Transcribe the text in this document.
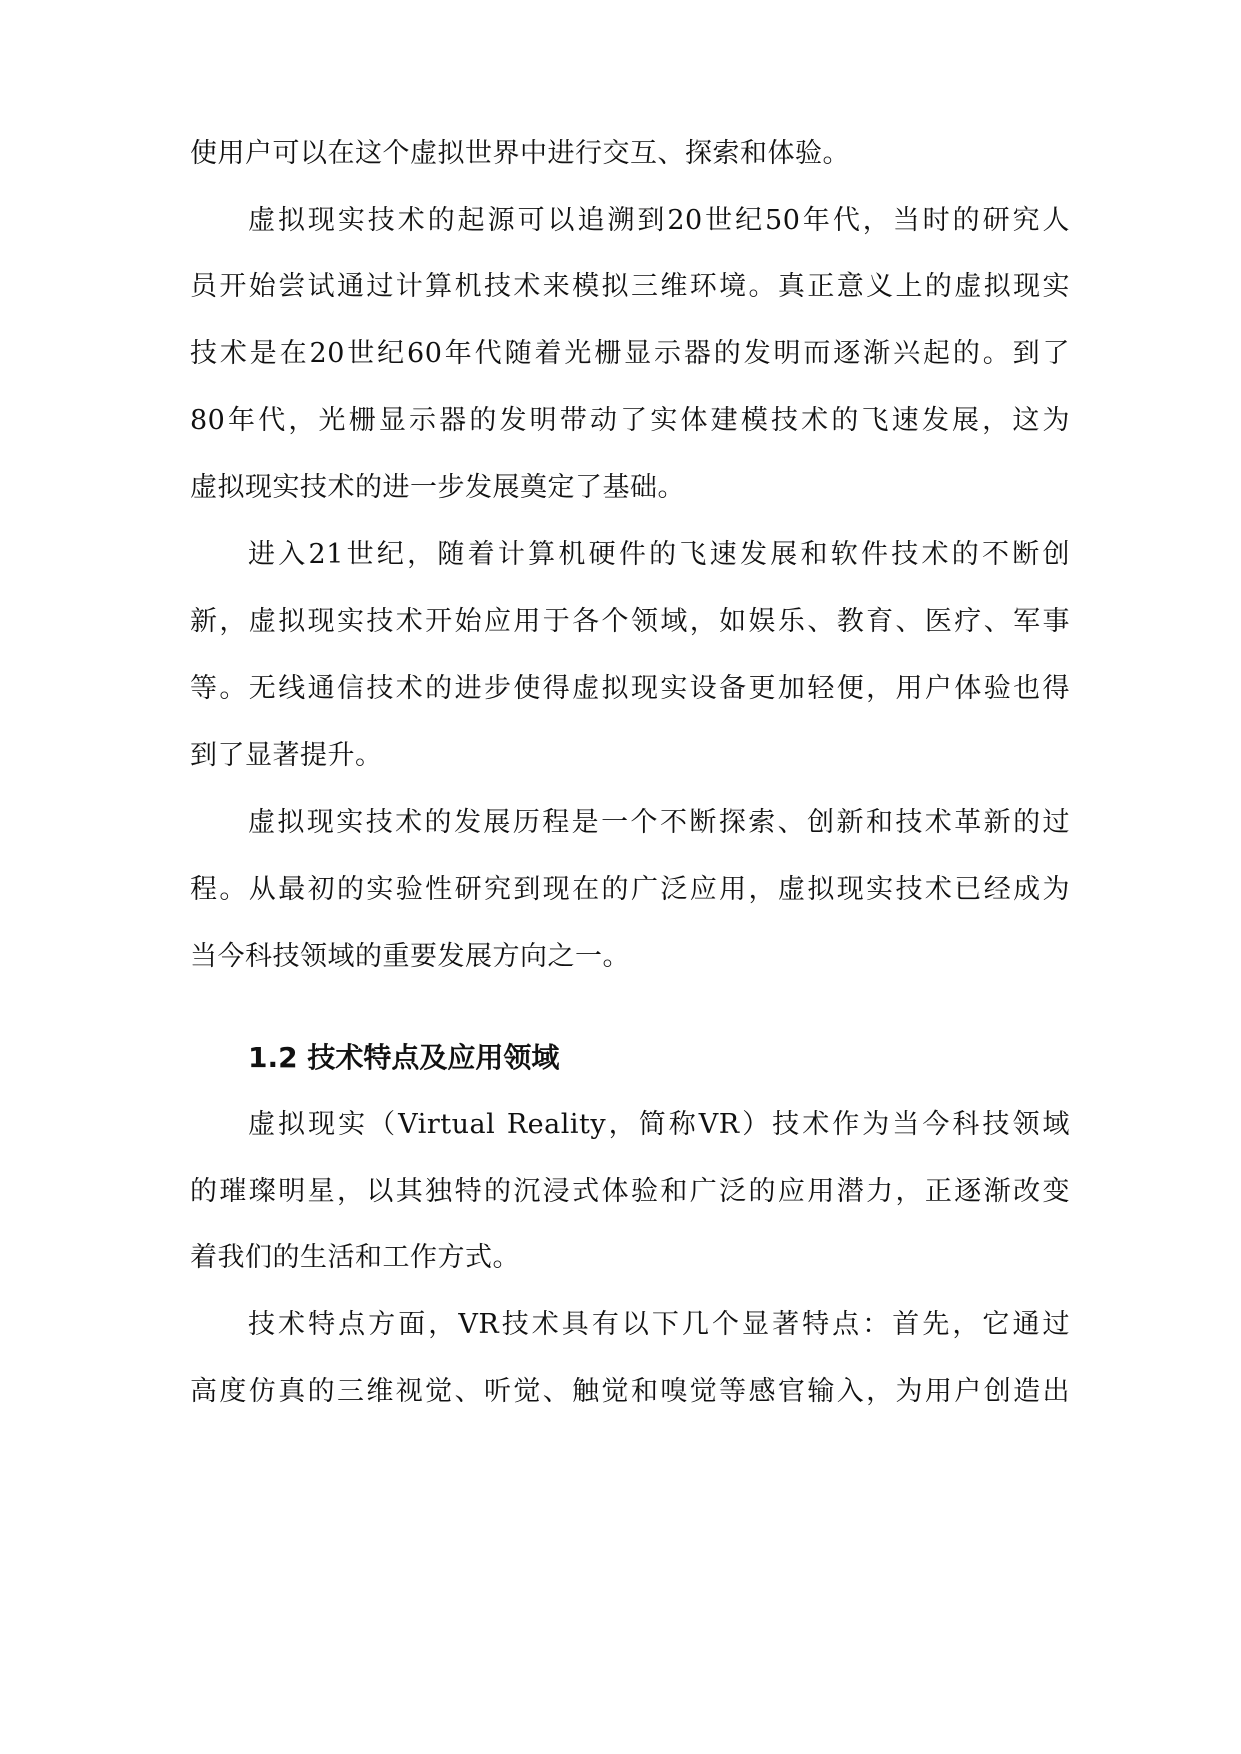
使用户可以在这个虚拟世界中进行交互、探索和体验。
虚拟现实技术的起源可以追溯到20世纪50年代，当时的研究人
员开始尝试通过计算机技术来模拟三维环境。真正意义上的虚拟现实
技术是在20世纪60年代随着光栅显示器的发明而逐渐兴起的。到了
80年代，光栅显示器的发明带动了实体建模技术的飞速发展，这为
虚拟现实技术的进一步发展奠定了基础。
进入21世纪，随着计算机硬件的飞速发展和软件技术的不断创
新，虚拟现实技术开始应用于各个领域，如娱乐、教育、医疗、军事
等。无线通信技术的进步使得虚拟现实设备更加轻便，用户体验也得
到了显著提升。
虚拟现实技术的发展历程是一个不断探索、创新和技术革新的过
程。从最初的实验性研究到现在的广泛应用，虚拟现实技术已经成为
当今科技领域的重要发展方向之一。
1.2 技术特点及应用领域
虚拟现实（Virtual Reality，简称VR）技术作为当今科技领域
的璀璨明星，以其独特的沉浸式体验和广泛的应用潜力，正逐渐改变
着我们的生活和工作方式。
技术特点方面，VR技术具有以下几个显著特点：首先，它通过
高度仿真的三维视觉、听觉、触觉和嗅觉等感官输入，为用户创造出
